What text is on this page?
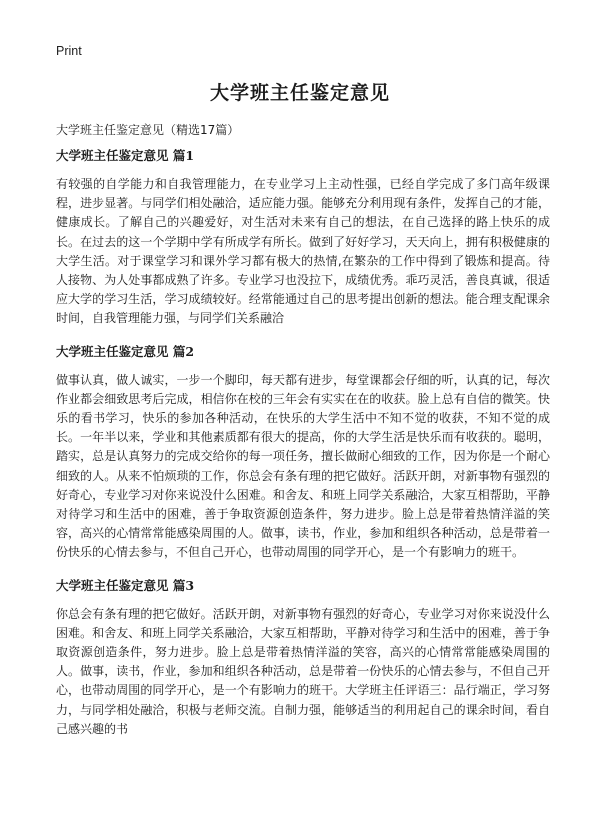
Print
大学班主任鉴定意见
大学班主任鉴定意见（精选17篇）
大学班主任鉴定意见 篇1

有较强的自学能力和自我管理能力，在专业学习上主动性强，已经自学完成了多门高年级课程，进步显著。与同学们相处融洽，适应能力强。能够充分利用现有条件，发挥自己的才能，健康成长。了解自己的兴趣爱好，对生活对未来有自己的想法，在自己选择的路上快乐的成长。在过去的这一个学期中学有所成学有所长。做到了好好学习，天天向上，拥有积极健康的大学生活。对于课堂学习和课外学习都有极大的热情,在繁杂的工作中得到了锻炼和提高。待人接物、为人处事都成熟了许多。专业学习也没拉下，成绩优秀。乖巧灵活，善良真诚，很适应大学的学习生活，学习成绩较好。经常能通过自己的思考提出创新的想法。能合理支配课余时间，自我管理能力强，与同学们关系融洽

大学班主任鉴定意见 篇2

做事认真，做人诚实，一步一个脚印，每天都有进步，每堂课都会仔细的听，认真的记，每次作业都会细致思考后完成，相信你在校的三年会有实实在在的收获。脸上总有自信的微笑。快乐的看书学习，快乐的参加各种活动，在快乐的大学生活中不知不觉的收获，不知不觉的成长。一年半以来，学业和其他素质都有很大的提高，你的大学生活是快乐而有收获的。聪明，踏实，总是认真努力的完成交给你的每一项任务，擅长做耐心细致的工作，因为你是一个耐心细致的人。从来不怕烦琐的工作，你总会有条有理的把它做好。活跃开朗，对新事物有强烈的好奇心，专业学习对你来说没什么困难。和舍友、和班上同学关系融洽，大家互相帮助，平静对待学习和生活中的困难，善于争取资源创造条件，努力进步。脸上总是带着热情洋溢的笑容，高兴的心情常常能感染周围的人。做事，读书，作业，参加和组织各种活动，总是带着一份快乐的心情去参与，不但自己开心，也带动周围的同学开心，是一个有影响力的班干。

大学班主任鉴定意见 篇3

你总会有条有理的把它做好。活跃开朗，对新事物有强烈的好奇心，专业学习对你来说没什么困难。和舍友、和班上同学关系融洽，大家互相帮助，平静对待学习和生活中的困难，善于争取资源创造条件，努力进步。脸上总是带着热情洋溢的笑容，高兴的心情常常能感染周围的人。做事，读书，作业，参加和组织各种活动，总是带着一份快乐的心情去参与，不但自己开心，也带动周围的同学开心，是一个有影响力的班干。大学班主任评语三：品行端正，学习努力，与同学相处融洽，积极与老师交流。自制力强，能够适当的利用起自己的课余时间，看自己感兴趣的书
